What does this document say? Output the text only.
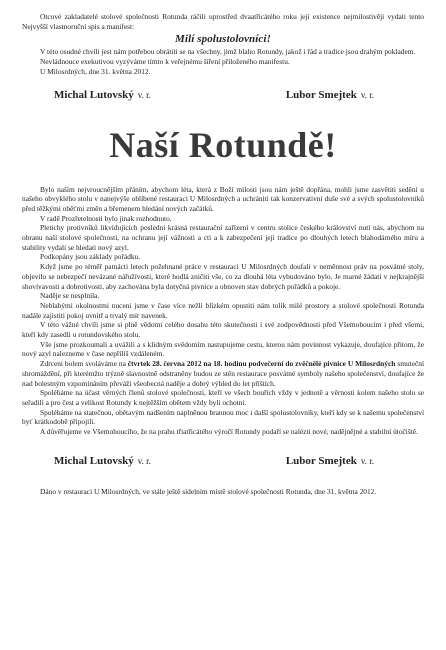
Otcové zakladatelé stolové společnosti Rotunda ráčili uprostřed dvaatřicátého roku její existence nejmilostivěji vydati tento Nejvyšší vlastnoruční spis a manifest:

Milí spolustolovníci!

V této osudné chvíli jest nám potřebou obrátiti se na všechny, jimž blaho Rotundy, jakož i řád a tradice jsou drahým pokladem.

Nevládnouce exekutivou vyzýváme tímto k veřejnému šíření přiloženého manifestu.

U Milosrdných, dne 31. května 2012.

Michal Lutovský v. r.	Lubor Smejtek v. r.
Naší Rotundě!

Bylo naším nejvroucnějším přáním, abychom léta, která z Boží milosti jsou nám ještě dopřána, mohli jsme zasvětiti sedění u našeho obvyklého stolu v nanejvýše oblíbené restauraci U Milosrdných a uchrániti tak konzervativní duše své a svých spolustolovníků před těžkými oběťmi změn a břemenem hledání nových začátků.

V radě Prozřetelnosti bylo jinak rozhodnuto.

Pletichy protivníků likvidujících poslední krásná restaurační zařízení v centru stolice českého království nutí nás, abychom na obranu naší stolové společnosti, na ochranu její vážnosti a cti a k zabezpečení její tradice po dlouhých letech blahodárného míru a stability vydali se hledati nový azyl.

Podkopány jsou základy pořádku.

Když jsme po téměř patnácti letech požehnané práce v restauraci U Milosrdných doufali v neměnnost práv na posvátné stoly, objevilo se nebezpečí nevázané nářužívosti, které hodlá zničiti vše, co za dlouhá léta vybudováno bylo. Je marné žádati v nejkrajnější shovívavosti a dobrotivosti, aby zachována byla dotyčná pivnice a obnoven stav dobrých pořádků a pokoje.

Naděje se nesplnila.

Neblahými okolnostmi nuceni jsme v čase více nežli blízkém opustiti nám tolik milé prostory a stolové společnosti Rotunda nadále zajistiti pokoj uvnitř a trvalý mír navenek.

V této vážné chvíli jsme si plně vědomi celého dosahu této skutečnosti i své zodpovědnosti před Všemohoucím i před všemi, kteří kdy zasedli u rotundovského stolu.

Vše jsme prozkoumali a uvážili a s klidným svědomím nastupujeme cestu, kterou nám povinnost vykazuje, doufajíce přitom, že nový azyl nalezneme v čase nepříliš vzdáleném.

Zdrceni bolem svoláváme na čtvrtek 28. června 2012 na 18. hodinu podvečerní do zvěčnělé pivnice U Milosrdných smuteční shromáždění, při kterémžto trýzně slavnostně odstraněny budou ze stěn restaurace posvátné symboly našeho společenství, doufajíce že nad bolestným vzpomínáním převáží všeobecná naděje a dobrý výhled do let příštích.

Spoléháme na účast věrných členů stolové společnosti, kteří ve všech bouřích vždy v jednotě a věrnosti kolem našeho stolu se seřadili a pro čest a velikost Rotundy k nejtěžším obětem vždy byli ochotni.

Spoléháme na statečnou, obětavým nadšením naplněnou brannou moc i další spolustolovníky, kteří kdy se k našemu společenství byť krátkodobě připojili.

A důvěřujeme ve Všemohoucího, že na prahu třiatřicátého výročí Rotundy podaří se nalézti nové, nadějnějné a stabilní útočiště.

Michal Lutovský v. r.	Lubor Smejtek v. r.

Dáno v restauraci U Milosrdných, ve stále ještě sídelním místě stolové společnosti Rotunda, dne 31. května 2012.
